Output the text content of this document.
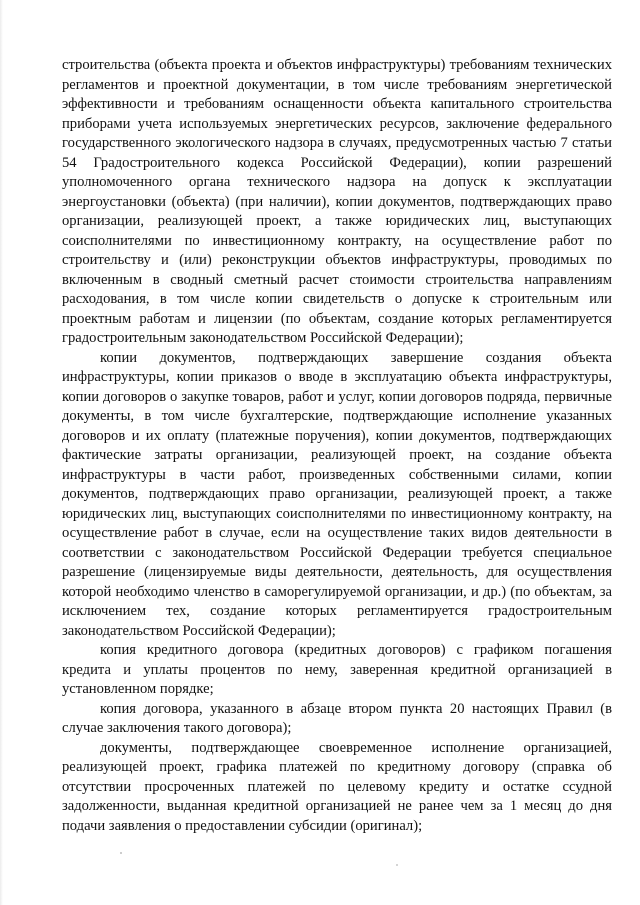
строительства (объекта проекта и объектов инфраструктуры) требованиям технических регламентов и проектной документации, в том числе требованиям энергетической эффективности и требованиям оснащенности объекта капитального строительства приборами учета используемых энергетических ресурсов, заключение федерального государственного экологического надзора в случаях, предусмотренных частью 7 статьи 54 Градостроительного кодекса Российской Федерации), копии разрешений уполномоченного органа технического надзора на допуск к эксплуатации энергоустановки (объекта) (при наличии), копии документов, подтверждающих право организации, реализующей проект, а также юридических лиц, выступающих соисполнителями по инвестиционному контракту, на осуществление работ по строительству и (или) реконструкции объектов инфраструктуры, проводимых по включенным в сводный сметный расчет стоимости строительства направлениям расходования, в том числе копии свидетельств о допуске к строительным или проектным работам и лицензии (по объектам, создание которых регламентируется градостроительным законодательством Российской Федерации);

копии документов, подтверждающих завершение создания объекта инфраструктуры, копии приказов о вводе в эксплуатацию объекта инфраструктуры, копии договоров о закупке товаров, работ и услуг, копии договоров подряда, первичные документы, в том числе бухгалтерские, подтверждающие исполнение указанных договоров и их оплату (платежные поручения), копии документов, подтверждающих фактические затраты организации, реализующей проект, на создание объекта инфраструктуры в части работ, произведенных собственными силами, копии документов, подтверждающих право организации, реализующей проект, а также юридических лиц, выступающих соисполнителями по инвестиционному контракту, на осуществление работ в случае, если на осуществление таких видов деятельности в соответствии с законодательством Российской Федерации требуется специальное разрешение (лицензируемые виды деятельности, деятельность, для осуществления которой необходимо членство в саморегулируемой организации, и др.) (по объектам, за исключением тех, создание которых регламентируется градостроительным законодательством Российской Федерации);

копия кредитного договора (кредитных договоров) с графиком погашения кредита и уплаты процентов по нему, заверенная кредитной организацией в установленном порядке;

копия договора, указанного в абзаце втором пункта 20 настоящих Правил (в случае заключения такого договора);

документы, подтверждающее своевременное исполнение организацией, реализующей проект, графика платежей по кредитному договору (справка об отсутствии просроченных платежей по целевому кредиту и остатке ссудной задолженности, выданная кредитной организацией не ранее чем за 1 месяц до дня подачи заявления о предоставлении субсидии (оригинал);
